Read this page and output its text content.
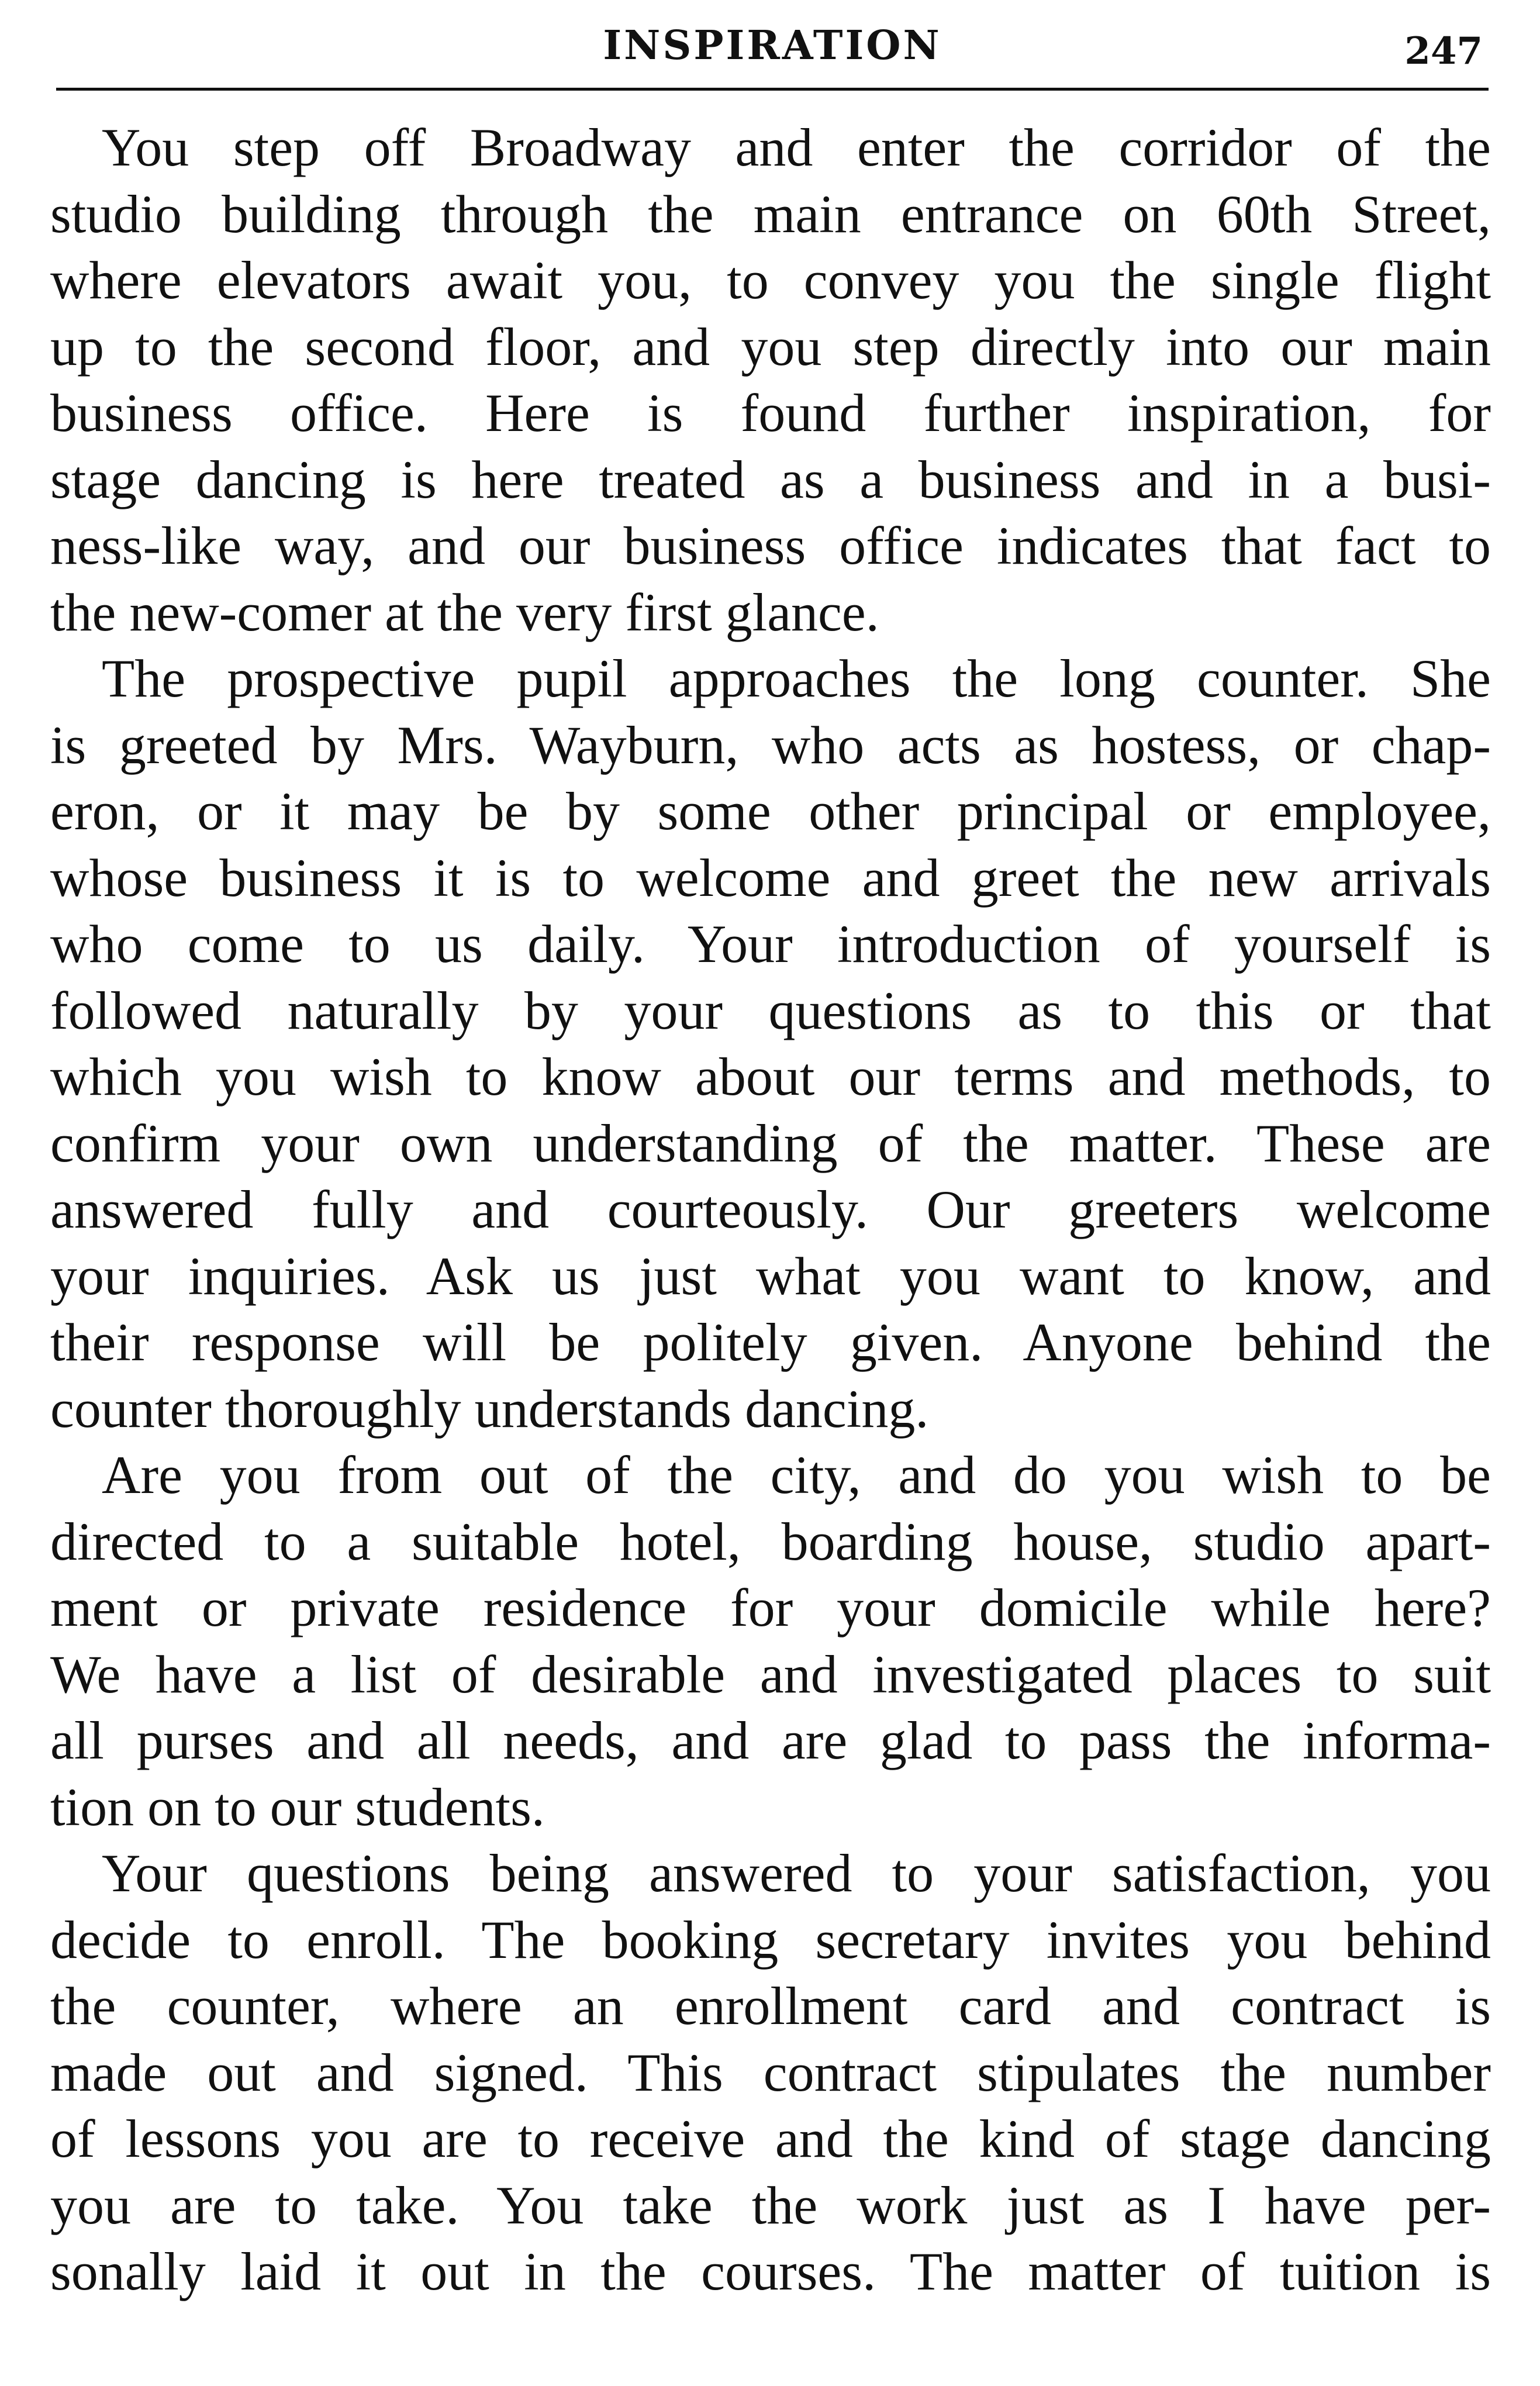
INSPIRATION	247
You step off Broadway and enter the corridor of the
studio building through the main entrance on 60th Street,
where elevators await you, to convey you the single flight
up to the second floor, and you step directly into our main
business office. Here is found further inspiration, for
stage dancing is here treated as a business and in a busi-
ness-like way, and our business office indicates that fact to
the new-comer at the very first glance.
The prospective pupil approaches the long counter. She
is greeted by Mrs. Wayburn, who acts as hostess, or chap-
eron, or it may be by some other principal or employee,
whose business it is to welcome and greet the new arrivals
who come to us daily. Your introduction of yourself is
followed naturally by your questions as to this or that
which you wish to know about our terms and methods, to
confirm your own understanding of the matter. These are
answered fully and courteously. Our greeters welcome
your inquiries. Ask us just what you want to know, and
their response will be politely given. Anyone behind the
counter thoroughly understands dancing.
Are you from out of the city, and do you wish to be
directed to a suitable hotel, boarding house, studio apart-
ment or private residence for your domicile while here?
We have a list of desirable and investigated places to suit
all purses and all needs, and are glad to pass the informa-
tion on to our students.
Your questions being answered to your satisfaction, you
decide to enroll. The booking secretary invites you behind
the counter, where an enrollment card and contract is
made out and signed. This contract stipulates the number
of lessons you are to receive and the kind of stage dancing
you are to take. You take the work just as I have per-
sonally laid it out in the courses. The matter of tuition is
